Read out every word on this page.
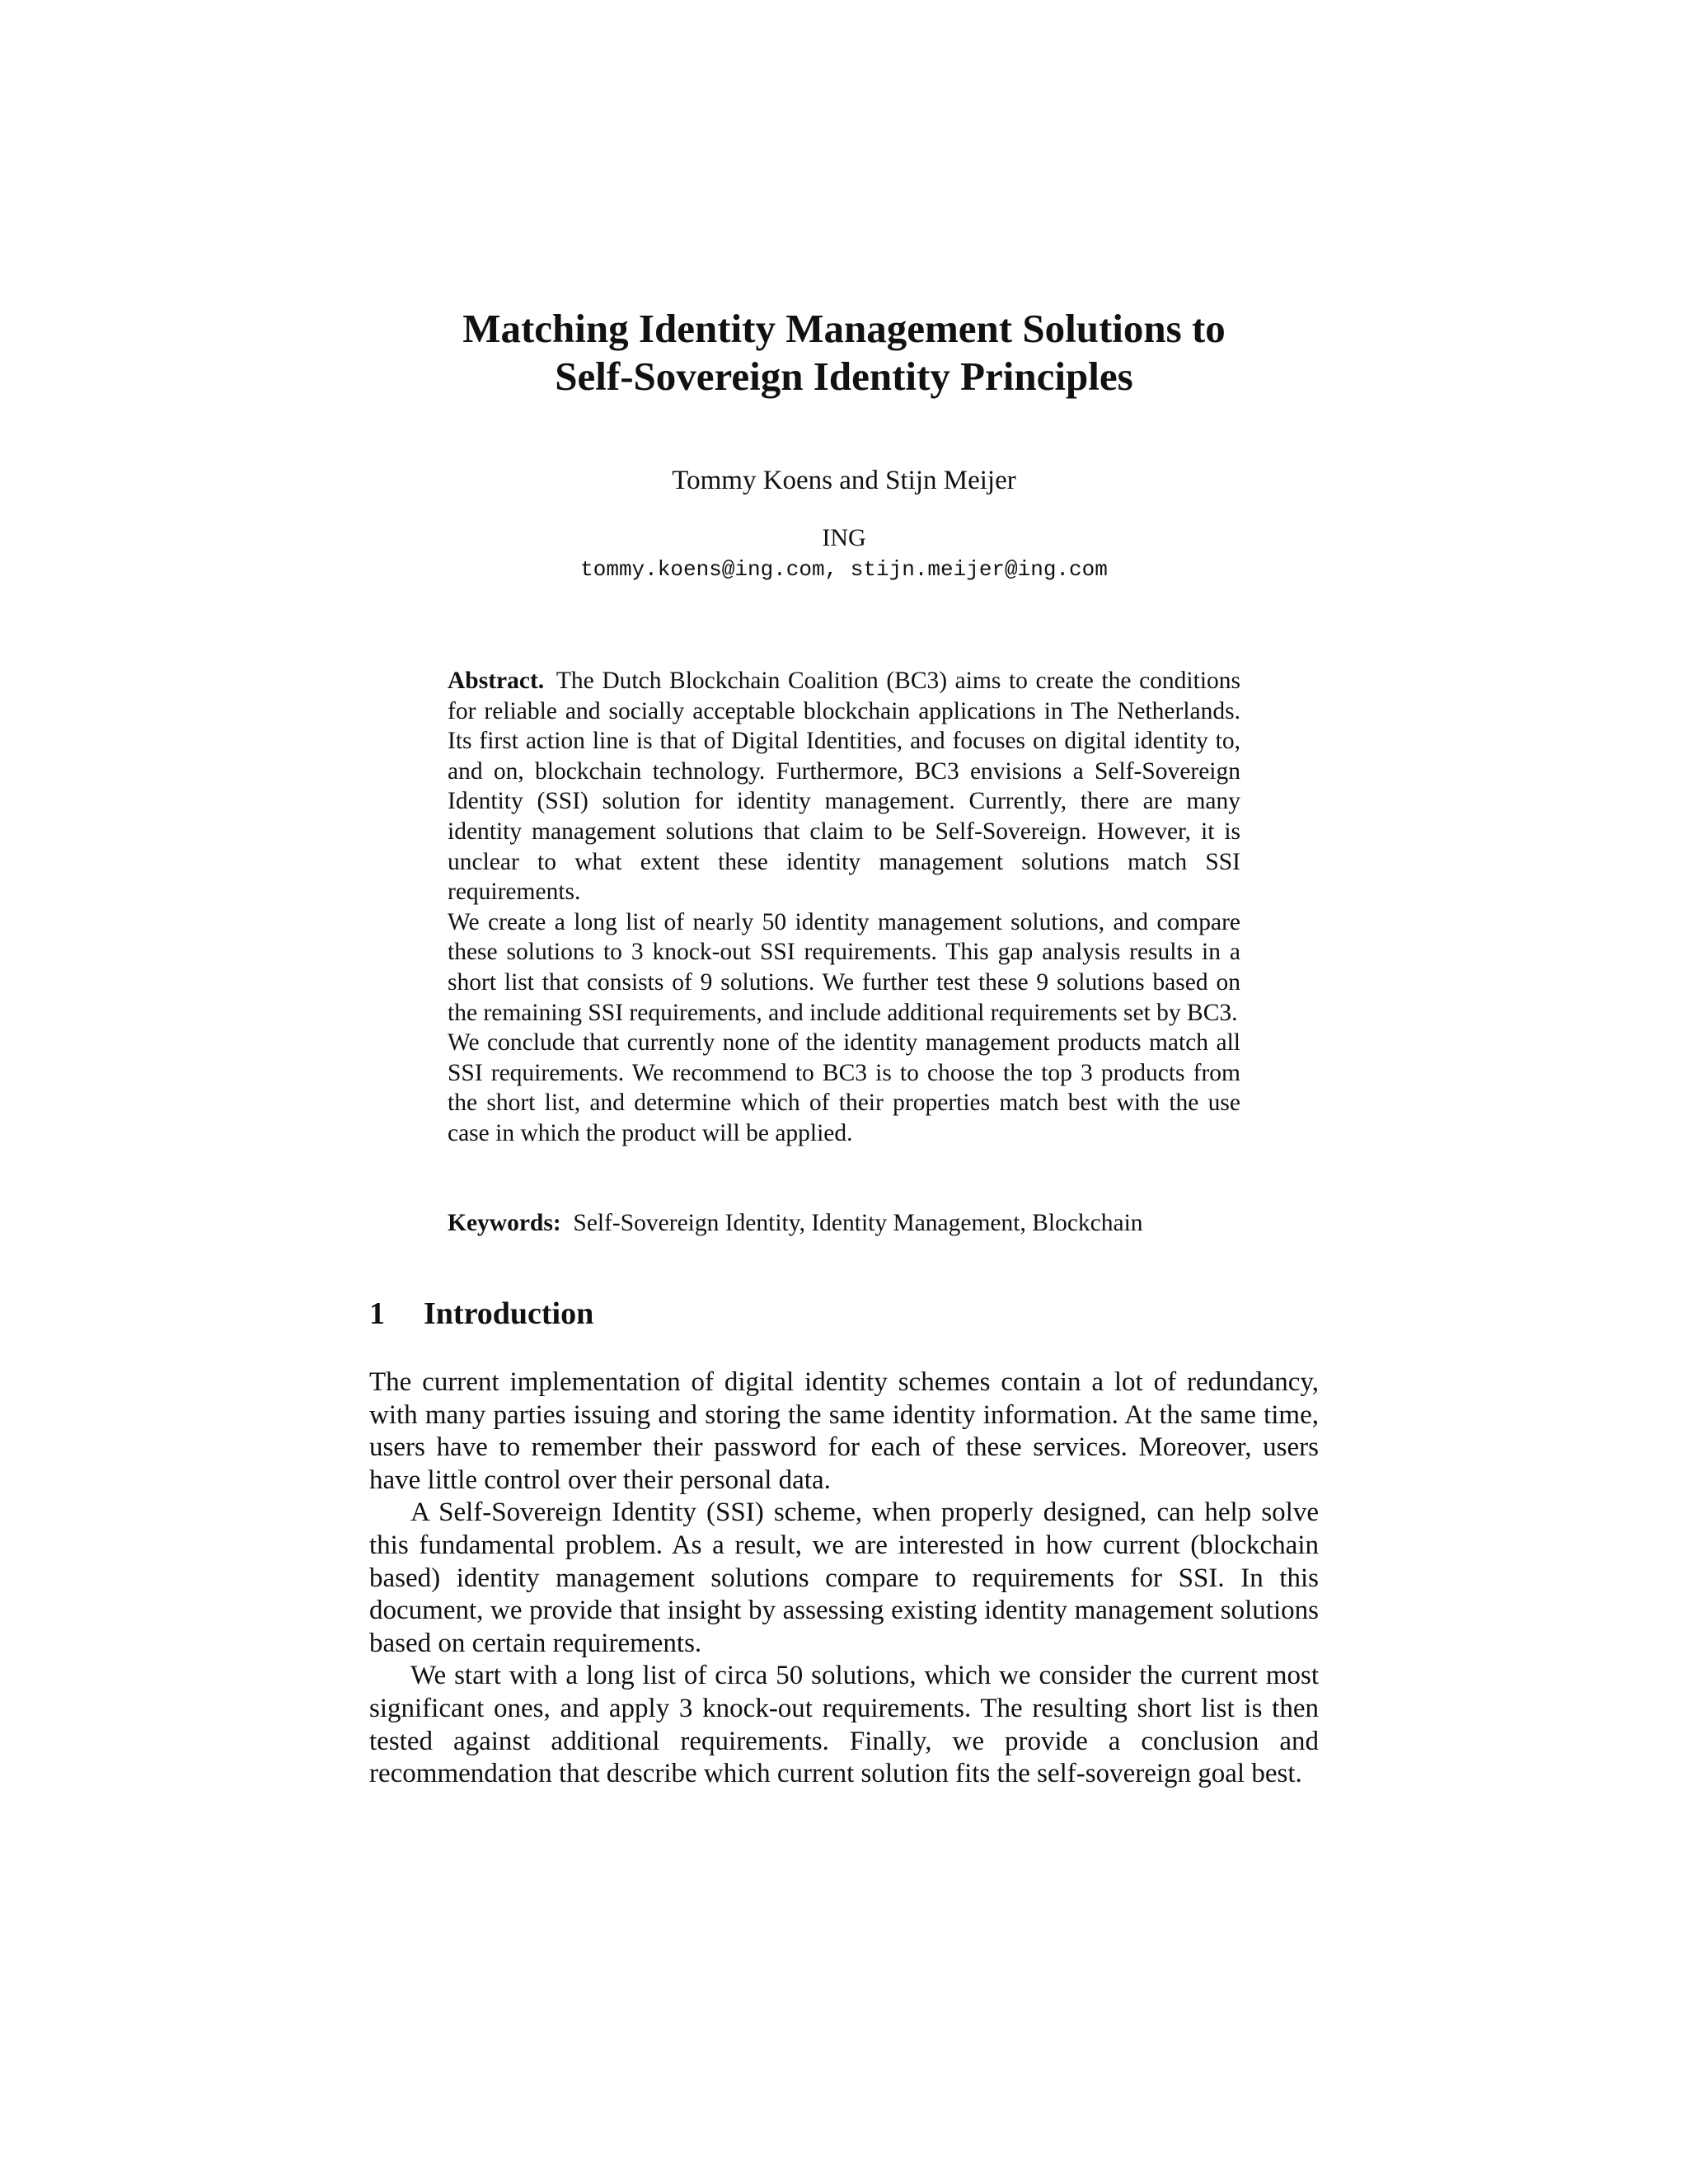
Matching Identity Management Solutions to
Self-Sovereign Identity Principles

Tommy Koens and Stijn Meijer

ING

tommy.koens@ing.com, stijn.meijer@ing.com

Abstract.  The Dutch Blockchain Coalition (BC3) aims to create the conditions for reliable and socially acceptable blockchain applications in The Netherlands. Its first action line is that of Digital Identities, and focuses on digital identity to, and on, blockchain technology. Furthermore, BC3 envisions a Self-Sovereign Identity (SSI) solution for identity management. Currently, there are many identity management solutions that claim to be Self-Sovereign. However, it is unclear to what extent these identity management solutions match SSI requirements.

We create a long list of nearly 50 identity management solutions, and compare these solutions to 3 knock-out SSI requirements. This gap analysis results in a short list that consists of 9 solutions. We further test these 9 solutions based on the remaining SSI requirements, and include additional requirements set by BC3.

We conclude that currently none of the identity management products match all SSI requirements. We recommend to BC3 is to choose the top 3 products from the short list, and determine which of their properties match best with the use case in which the product will be applied.

Keywords:  Self-Sovereign Identity, Identity Management, Blockchain

1 Introduction

The current implementation of digital identity schemes contain a lot of redundancy, with many parties issuing and storing the same identity information. At the same time, users have to remember their password for each of these services. Moreover, users have little control over their personal data.

A Self-Sovereign Identity (SSI) scheme, when properly designed, can help solve this fundamental problem. As a result, we are interested in how current (blockchain based) identity management solutions compare to requirements for SSI. In this document, we provide that insight by assessing existing identity management solutions based on certain requirements.

We start with a long list of circa 50 solutions, which we consider the current most significant ones, and apply 3 knock-out requirements. The resulting short list is then tested against additional requirements. Finally, we provide a conclusion and recommendation that describe which current solution fits the self-sovereign goal best.
